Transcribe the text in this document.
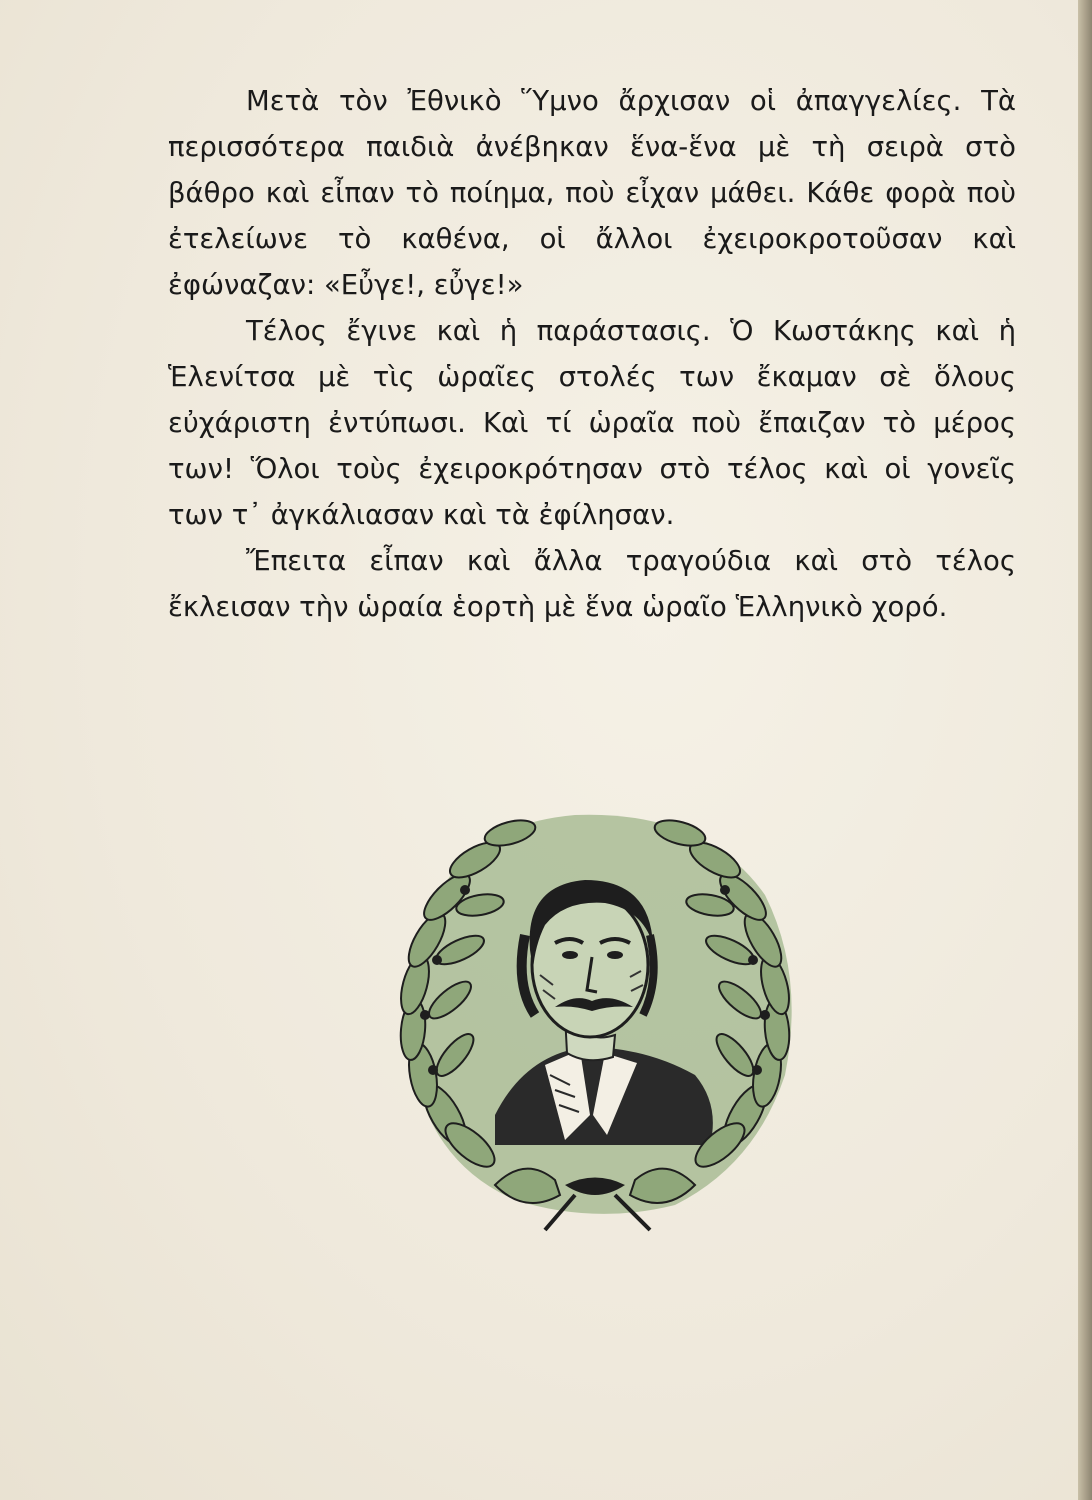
Μετὰ τὸν Ἐθνικὸ Ὕμνο ἄρχισαν οἱ ἀπαγγελίες. Τὰ περισσότερα παιδιὰ ἀνέβηκαν ἕνα-ἕνα μὲ τὴ σειρὰ στὸ βάθρο καὶ εἶπαν τὸ ποίημα, ποὺ εἶχαν μάθει. Κάθε φορὰ ποὺ ἐτελείωνε τὸ καθένα, οἱ ἄλλοι ἐχειροκροτοῦσαν καὶ ἐφώναζαν: «Εὖγε!, εὖγε!»

Τέλος ἔγινε καὶ ἡ παράστασις. Ὁ Κωστάκης καὶ ἡ Ἑλενίτσα μὲ τὶς ὡραῖες στολές των ἔκαμαν σὲ ὅλους εὐχάριστη ἐντύπωσι. Καὶ τί ὡραῖα ποὺ ἔπαιζαν τὸ μέρος των! Ὅλοι τοὺς ἐχειροκρότησαν στὸ τέλος καὶ οἱ γονεῖς των τ᾽ ἀγκάλιασαν καὶ τὰ ἐφίλησαν.

Ἔπειτα εἶπαν καὶ ἄλλα τραγούδια καὶ στὸ τέλος ἔκλεισαν τὴν ὡραία ἑορτὴ μὲ ἕνα ὡραῖο Ἑλληνικὸ χορό.
